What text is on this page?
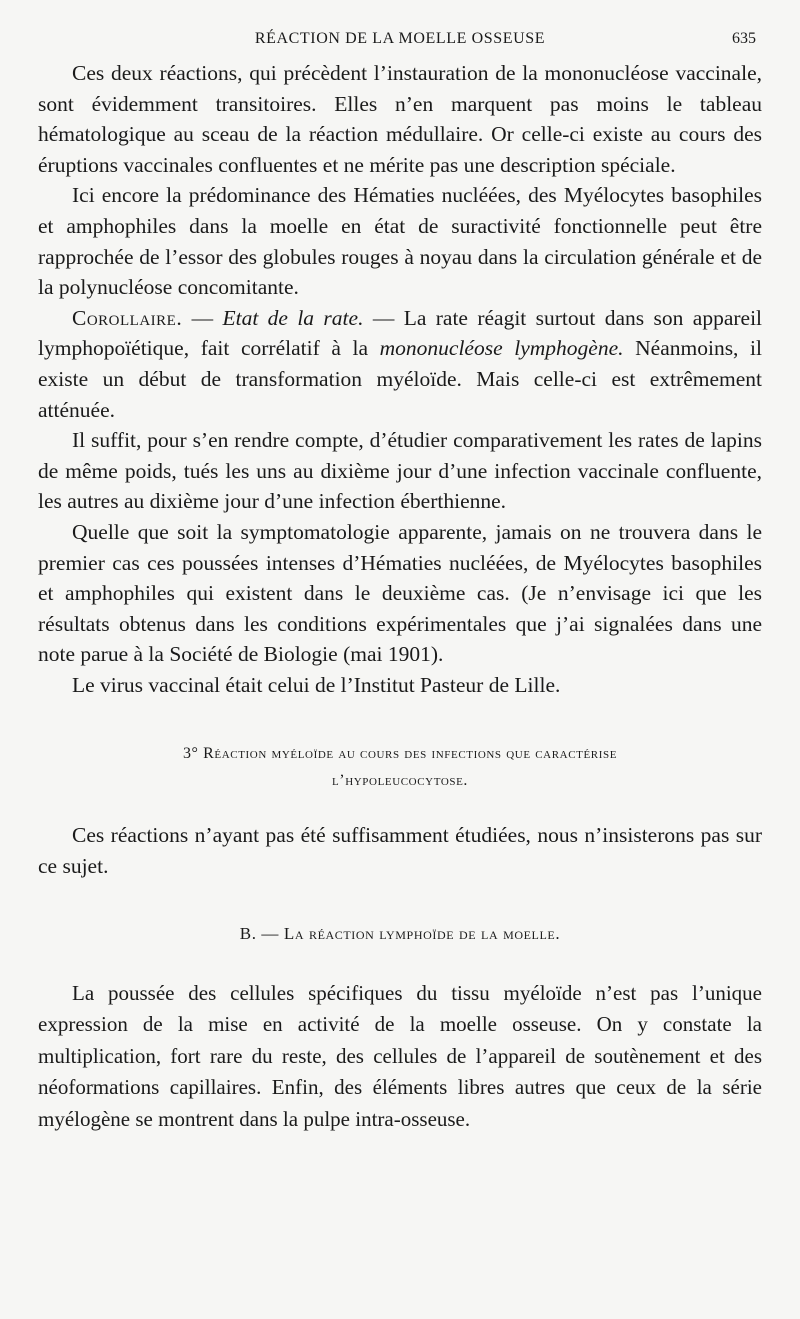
RÉACTION DE LA MOELLE OSSEUSE	635

Ces deux réactions, qui précèdent l’instauration de la mononucléose vaccinale, sont évidemment transitoires. Elles n’en marquent pas moins le tableau hématologique au sceau de la réaction médullaire. Or celle-ci existe au cours des éruptions vaccinales confluentes et ne mérite pas une description spéciale.

Ici encore la prédominance des Hématies nucléées, des Myélocytes basophiles et amphophiles dans la moelle en état de suractivité fonctionnelle peut être rapprochée de l’essor des globules rouges à noyau dans la circulation générale et de la polynucléose concomitante.

Corollaire. — Etat de la rate. — La rate réagit surtout dans son appareil lymphopoïétique, fait corrélatif à la mononucléose lymphogène. Néanmoins, il existe un début de transformation myéloïde. Mais celle-ci est extrêmement atténuée.

Il suffit, pour s’en rendre compte, d’étudier comparativement les rates de lapins de même poids, tués les uns au dixième jour d’une infection vaccinale confluente, les autres au dixième jour d’une infection éberthienne.

Quelle que soit la symptomatologie apparente, jamais on ne trouvera dans le premier cas ces poussées intenses d’Hématies nucléées, de Myélocytes basophiles et amphophiles qui existent dans le deuxième cas. (Je n’envisage ici que les résultats obtenus dans les conditions expérimentales que j’ai signalées dans une note parue à la Société de Biologie (mai 1901).

Le virus vaccinal était celui de l’Institut Pasteur de Lille.

3° Réaction myéloïde au cours des infections que caractérise
l’hypoleucocytose.

Ces réactions n’ayant pas été suffisamment étudiées, nous n’insisterons pas sur ce sujet.

B. — La réaction lymphoïde de la moelle.

La poussée des cellules spécifiques du tissu myéloïde n’est pas l’unique expression de la mise en activité de la moelle osseuse. On y constate la multiplication, fort rare du reste, des cellules de l’appareil de soutènement et des néoformations capillaires. Enfin, des éléments libres autres que ceux de la série myélogène se montrent dans la pulpe intra-osseuse.
